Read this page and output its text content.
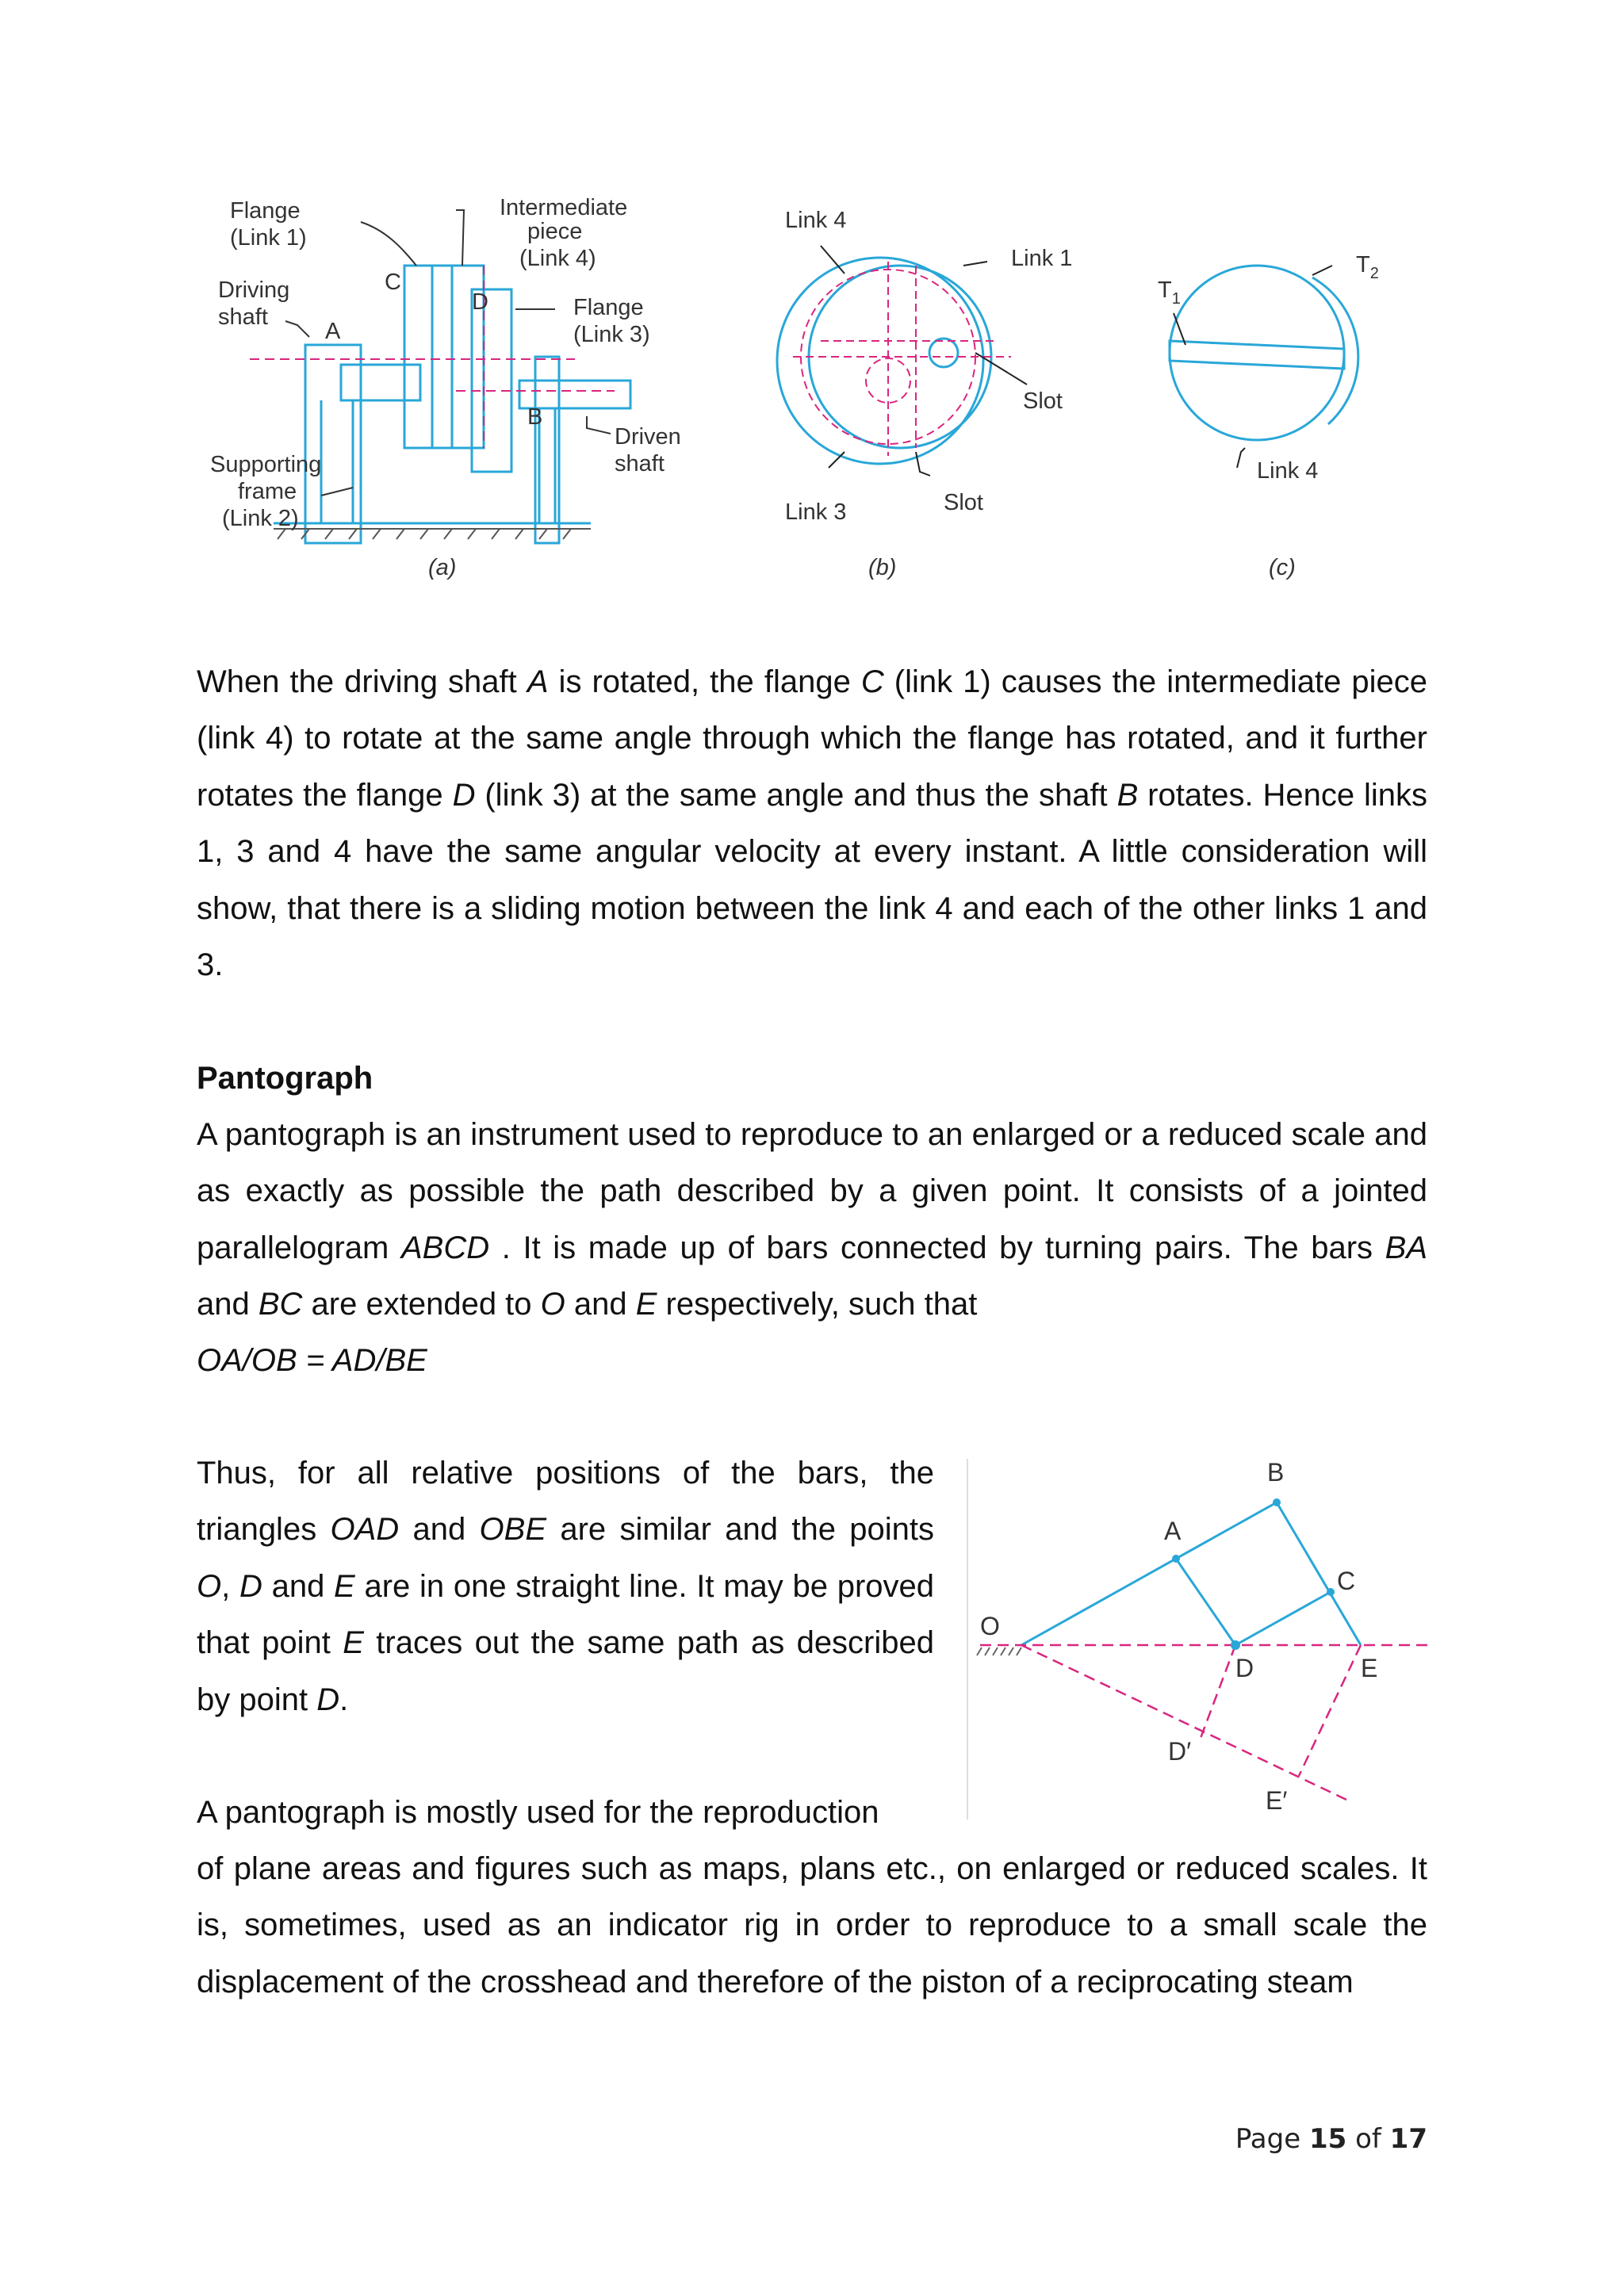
Flange (Link 1)
Intermediate piece (Link 4)
Driving shaft	Flange (Link 3)
Driven shaft
Supporting frame (Link 2)
A
B
C
D
(a)
Link 4
Link 1
Slot
Link 3	Slot
(b)
$T_1$
$T_2$
Link 4
(c)

When the driving shaft A is rotated, the flange C (link 1) causes the intermediate piece (link 4) to rotate at the same angle through which the flange has rotated, and it further rotates the flange D (link 3) at the same angle and thus the shaft B rotates. Hence links 1, 3 and 4 have the same angular velocity at every instant. A little consideration will show, that there is a sliding motion between the link 4 and each of the other links 1 and 3.

Pantograph

A pantograph is an instrument used to reproduce to an enlarged or a reduced scale and as exactly as possible the path described by a given point. It consists of a jointed parallelogram ABCD . It is made up of bars connected by turning pairs. The bars BA and BC are extended to O and E respectively, such that

OA/OB = AD/BE

Thus, for all relative positions of the bars, the triangles OAD and OBE are similar and the points O, D and E are in one straight line. It may be proved that point E traces out the same path as described by point D.

A pantograph is mostly used for the reproduction

of plane areas and figures such as maps, plans etc., on enlarged or reduced scales. It is, sometimes, used as an indicator rig in order to reproduce to a small scale the displacement of the crosshead and therefore of the piston of a reciprocating steam

O
A
B
C
D	E
D′
E′
Page 15 of 17
